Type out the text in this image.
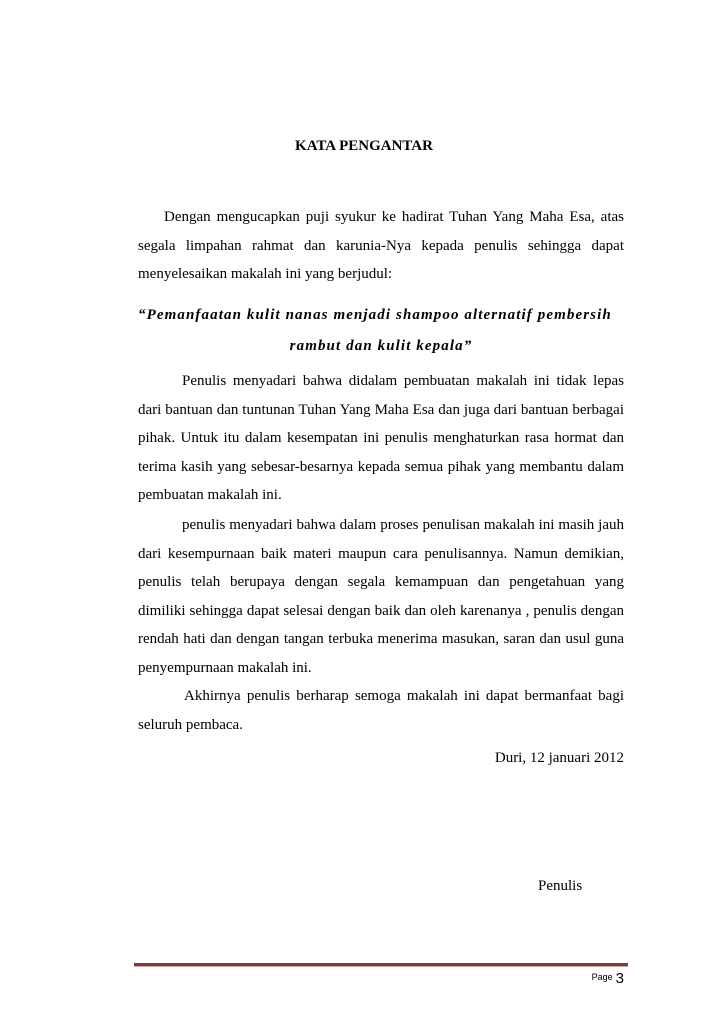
KATA PENGANTAR

Dengan mengucapkan puji syukur ke hadirat Tuhan Yang Maha Esa, atas segala limpahan rahmat dan karunia-Nya kepada penulis sehingga dapat menyelesaikan makalah ini yang berjudul:

“Pemanfaatan kulit nanas menjadi shampoo alternatif pembersih
rambut dan kulit kepala”

Penulis menyadari bahwa didalam pembuatan makalah ini tidak lepas dari bantuan dan tuntunan Tuhan Yang Maha Esa dan juga dari bantuan berbagai pihak. Untuk itu dalam kesempatan ini penulis menghaturkan rasa hormat dan terima kasih yang sebesar-besarnya kepada semua pihak yang membantu dalam pembuatan makalah ini.

penulis menyadari bahwa dalam proses penulisan makalah ini masih jauh dari kesempurnaan baik materi maupun cara penulisannya. Namun demikian, penulis telah berupaya dengan segala kemampuan dan pengetahuan yang dimiliki sehingga dapat selesai dengan baik dan oleh karenanya , penulis dengan rendah hati dan dengan tangan terbuka menerima masukan, saran dan usul guna penyempurnaan makalah ini.

Akhirnya penulis berharap semoga makalah ini dapat bermanfaat bagi seluruh pembaca.

Duri, 12 januari 2012
Penulis
$^{Page}$ 3
